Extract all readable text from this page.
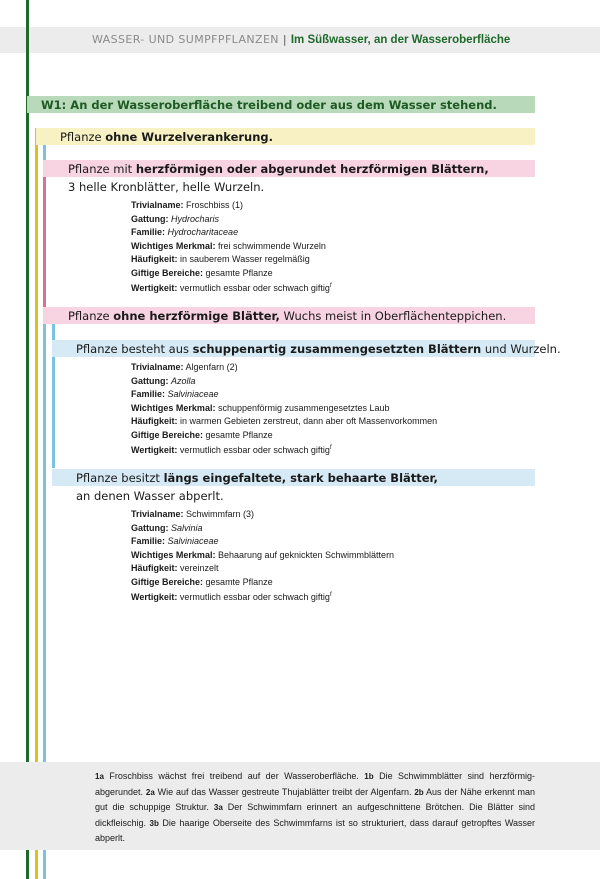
WASSER- UND SUMPFPFLANZEN | Im Süßwasser, an der Wasseroberfläche
W1: An der Wasseroberfläche treibend oder aus dem Wasser stehend.
Pflanze ohne Wurzelverankerung.
Pflanze mit herzförmigen oder abgerundet herzförmigen Blättern,
3 helle Kronblätter, helle Wurzeln.
Trivialname: Froschbiss (1)
Gattung: Hydrocharis
Familie: Hydrocharitaceae
Wichtiges Merkmal: frei schwimmende Wurzeln
Häufigkeit: in sauberem Wasser regelmäßig
Giftige Bereiche: gesamte Pflanze
Wertigkeit: vermutlich essbar oder schwach giftig$^f$
Pflanze ohne herzförmige Blätter, Wuchs meist in Oberflächenteppichen.
Pflanze besteht aus schuppenartig zusammengesetzten Blättern und Wurzeln.
Trivialname: Algenfarn (2)
Gattung: Azolla
Familie: Salviniaceae
Wichtiges Merkmal: schuppenförmig zusammengesetztes Laub
Häufigkeit: in warmen Gebieten zerstreut, dann aber oft Massenvorkommen
Giftige Bereiche: gesamte Pflanze
Wertigkeit: vermutlich essbar oder schwach giftig$^f$
Pflanze besitzt längs eingefaltete, stark behaarte Blätter,
an denen Wasser abperlt.
Trivialname: Schwimmfarn (3)
Gattung: Salvinia
Familie: Salviniaceae
Wichtiges Merkmal: Behaarung auf geknickten Schwimmblättern
Häufigkeit: vereinzelt
Giftige Bereiche: gesamte Pflanze
Wertigkeit: vermutlich essbar oder schwach giftig$^f$
1a Froschbiss wächst frei treibend auf der Wasseroberfläche. 1b Die Schwimmblätter sind herzförmig-abgerundet. 2a Wie auf das Wasser gestreute Thujablätter treibt der Algenfarn. 2b Aus der Nähe erkennt man gut die schuppige Struktur. 3a Der Schwimmfarn erinnert an aufgeschnittene Brötchen. Die Blätter sind dickfleischig. 3b Die haarige Oberseite des Schwimmfarns ist so strukturiert, dass darauf getropftes Wasser abperlt.
